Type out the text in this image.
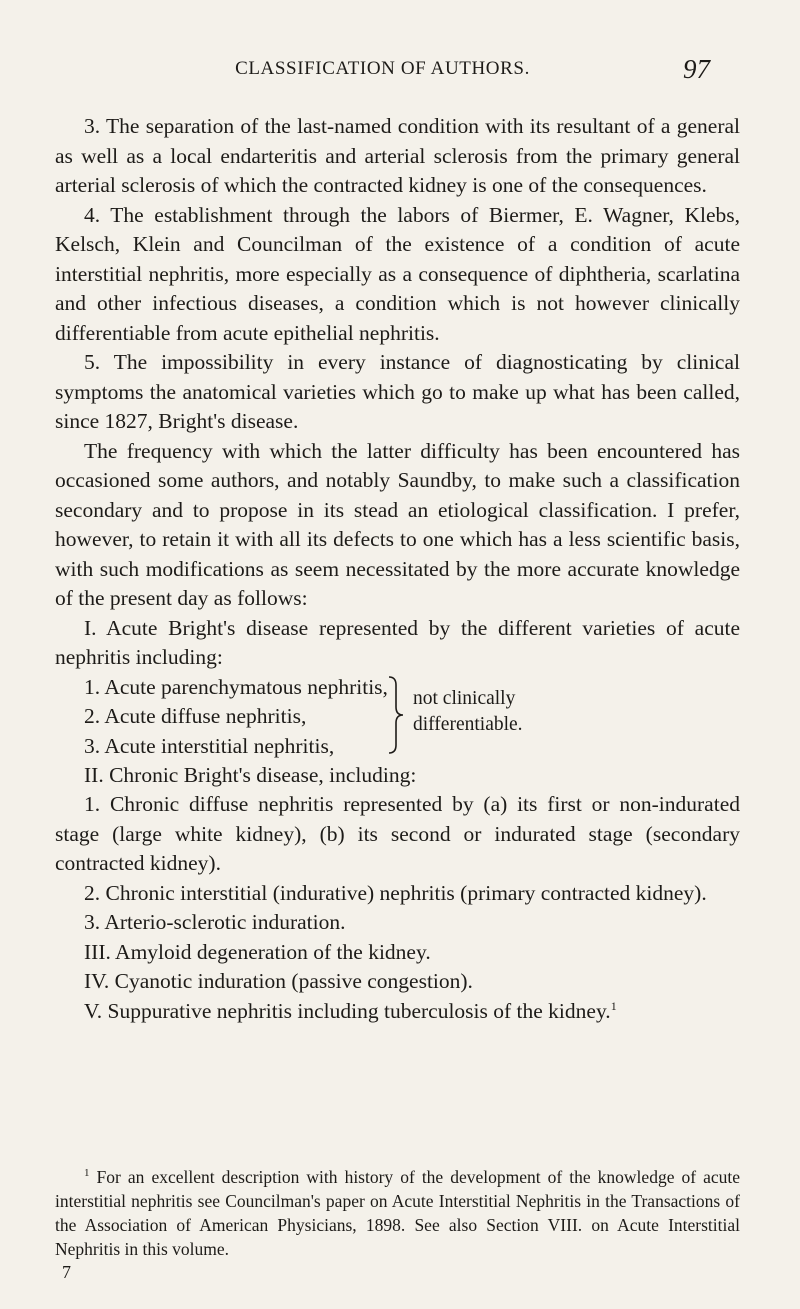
CLASSIFICATION OF AUTHORS.	97

3. The separation of the last-named condition with its resultant of a general as well as a local endarteritis and arterial sclerosis from the primary general arterial sclerosis of which the contracted kidney is one of the consequences.

4. The establishment through the labors of Biermer, E. Wagner, Klebs, Kelsch, Klein and Councilman of the existence of a condition of acute interstitial nephritis, more especially as a consequence of diphtheria, scarlatina and other infectious diseases, a condition which is not however clinically differentiable from acute epithelial nephritis.

5. The impossibility in every instance of diagnosticating by clinical symptoms the anatomical varieties which go to make up what has been called, since 1827, Bright's disease.

The frequency with which the latter difficulty has been encountered has occasioned some authors, and notably Saundby, to make such a classification secondary and to propose in its stead an etiological classification. I prefer, however, to retain it with all its defects to one which has a less scientific basis, with such modifications as seem necessitated by the more accurate knowledge of the present day as follows:

I. Acute Bright's disease represented by the different varieties of acute nephritis including:

1. Acute parenchymatous nephritis,
2. Acute diffuse nephritis,
3. Acute interstitial nephritis,
not clinically
differentiable.

II. Chronic Bright's disease, including:

1. Chronic diffuse nephritis represented by (a) its first or non-indurated stage (large white kidney), (b) its second or indurated stage (secondary contracted kidney).

2. Chronic interstitial (indurative) nephritis (primary contracted kidney).

3. Arterio-sclerotic induration.

III. Amyloid degeneration of the kidney.

IV. Cyanotic induration (passive congestion).

V. Suppurative nephritis including tuberculosis of the kidney.$^1$

$^1$ For an excellent description with history of the development of the knowledge of acute interstitial nephritis see Councilman's paper on Acute Interstitial Nephritis in the Transactions of the Association of American Physicians, 1898. See also Section VIII. on Acute Interstitial Nephritis in this volume.

7
